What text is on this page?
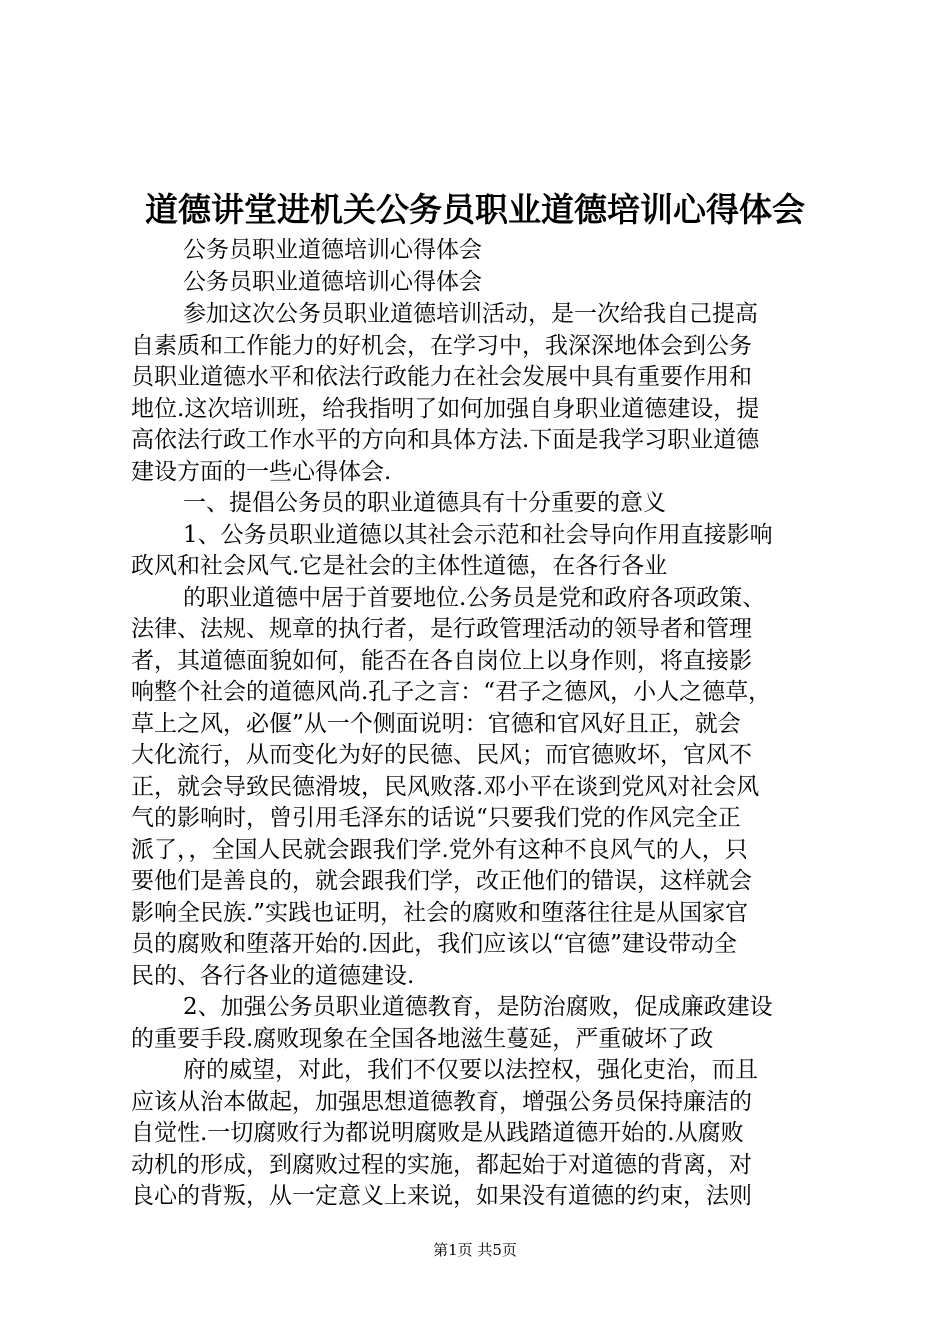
道德讲堂进机关公务员职业道德培训心得体会
公务员职业道德培训心得体会
公务员职业道德培训心得体会
参加这次公务员职业道德培训活动，是一次给我自己提高
自素质和工作能力的好机会，在学习中，我深深地体会到公务
员职业道德水平和依法行政能力在社会发展中具有重要作用和
地位.这次培训班，给我指明了如何加强自身职业道德建设，提
高依法行政工作水平的方向和具体方法.下面是我学习职业道德
建设方面的一些心得体会.
一、提倡公务员的职业道德具有十分重要的意义
1、公务员职业道德以其社会示范和社会导向作用直接影响
政风和社会风气.它是社会的主体性道德，在各行各业
的职业道德中居于首要地位.公务员是党和政府各项政策、
法律、法规、规章的执行者，是行政管理活动的领导者和管理
者，其道德面貌如何，能否在各自岗位上以身作则，将直接影
响整个社会的道德风尚.孔子之言：“君子之德风，小人之德草，
草上之风，必偃”从一个侧面说明：官德和官风好且正，就会
大化流行，从而变化为好的民德、民风；而官德败坏，官风不
正，就会导致民德滑坡，民风败落.邓小平在谈到党风对社会风
气的影响时，曾引用毛泽东的话说“只要我们党的作风完全正
派了，，全国人民就会跟我们学.党外有这种不良风气的人，只
要他们是善良的，就会跟我们学，改正他们的错误，这样就会
影响全民族.”实践也证明，社会的腐败和堕落往往是从国家官
员的腐败和堕落开始的.因此，我们应该以“官德”建设带动全
民的、各行各业的道德建设.
2、加强公务员职业道德教育，是防治腐败，促成廉政建设
的重要手段.腐败现象在全国各地滋生蔓延，严重破坏了政
府的威望，对此，我们不仅要以法控权，强化吏治，而且
应该从治本做起，加强思想道德教育，增强公务员保持廉洁的
自觉性.一切腐败行为都说明腐败是从践踏道德开始的.从腐败
动机的形成，到腐败过程的实施，都起始于对道德的背离，对
良心的背叛，从一定意义上来说，如果没有道德的约束，法则
第1页 共5页
